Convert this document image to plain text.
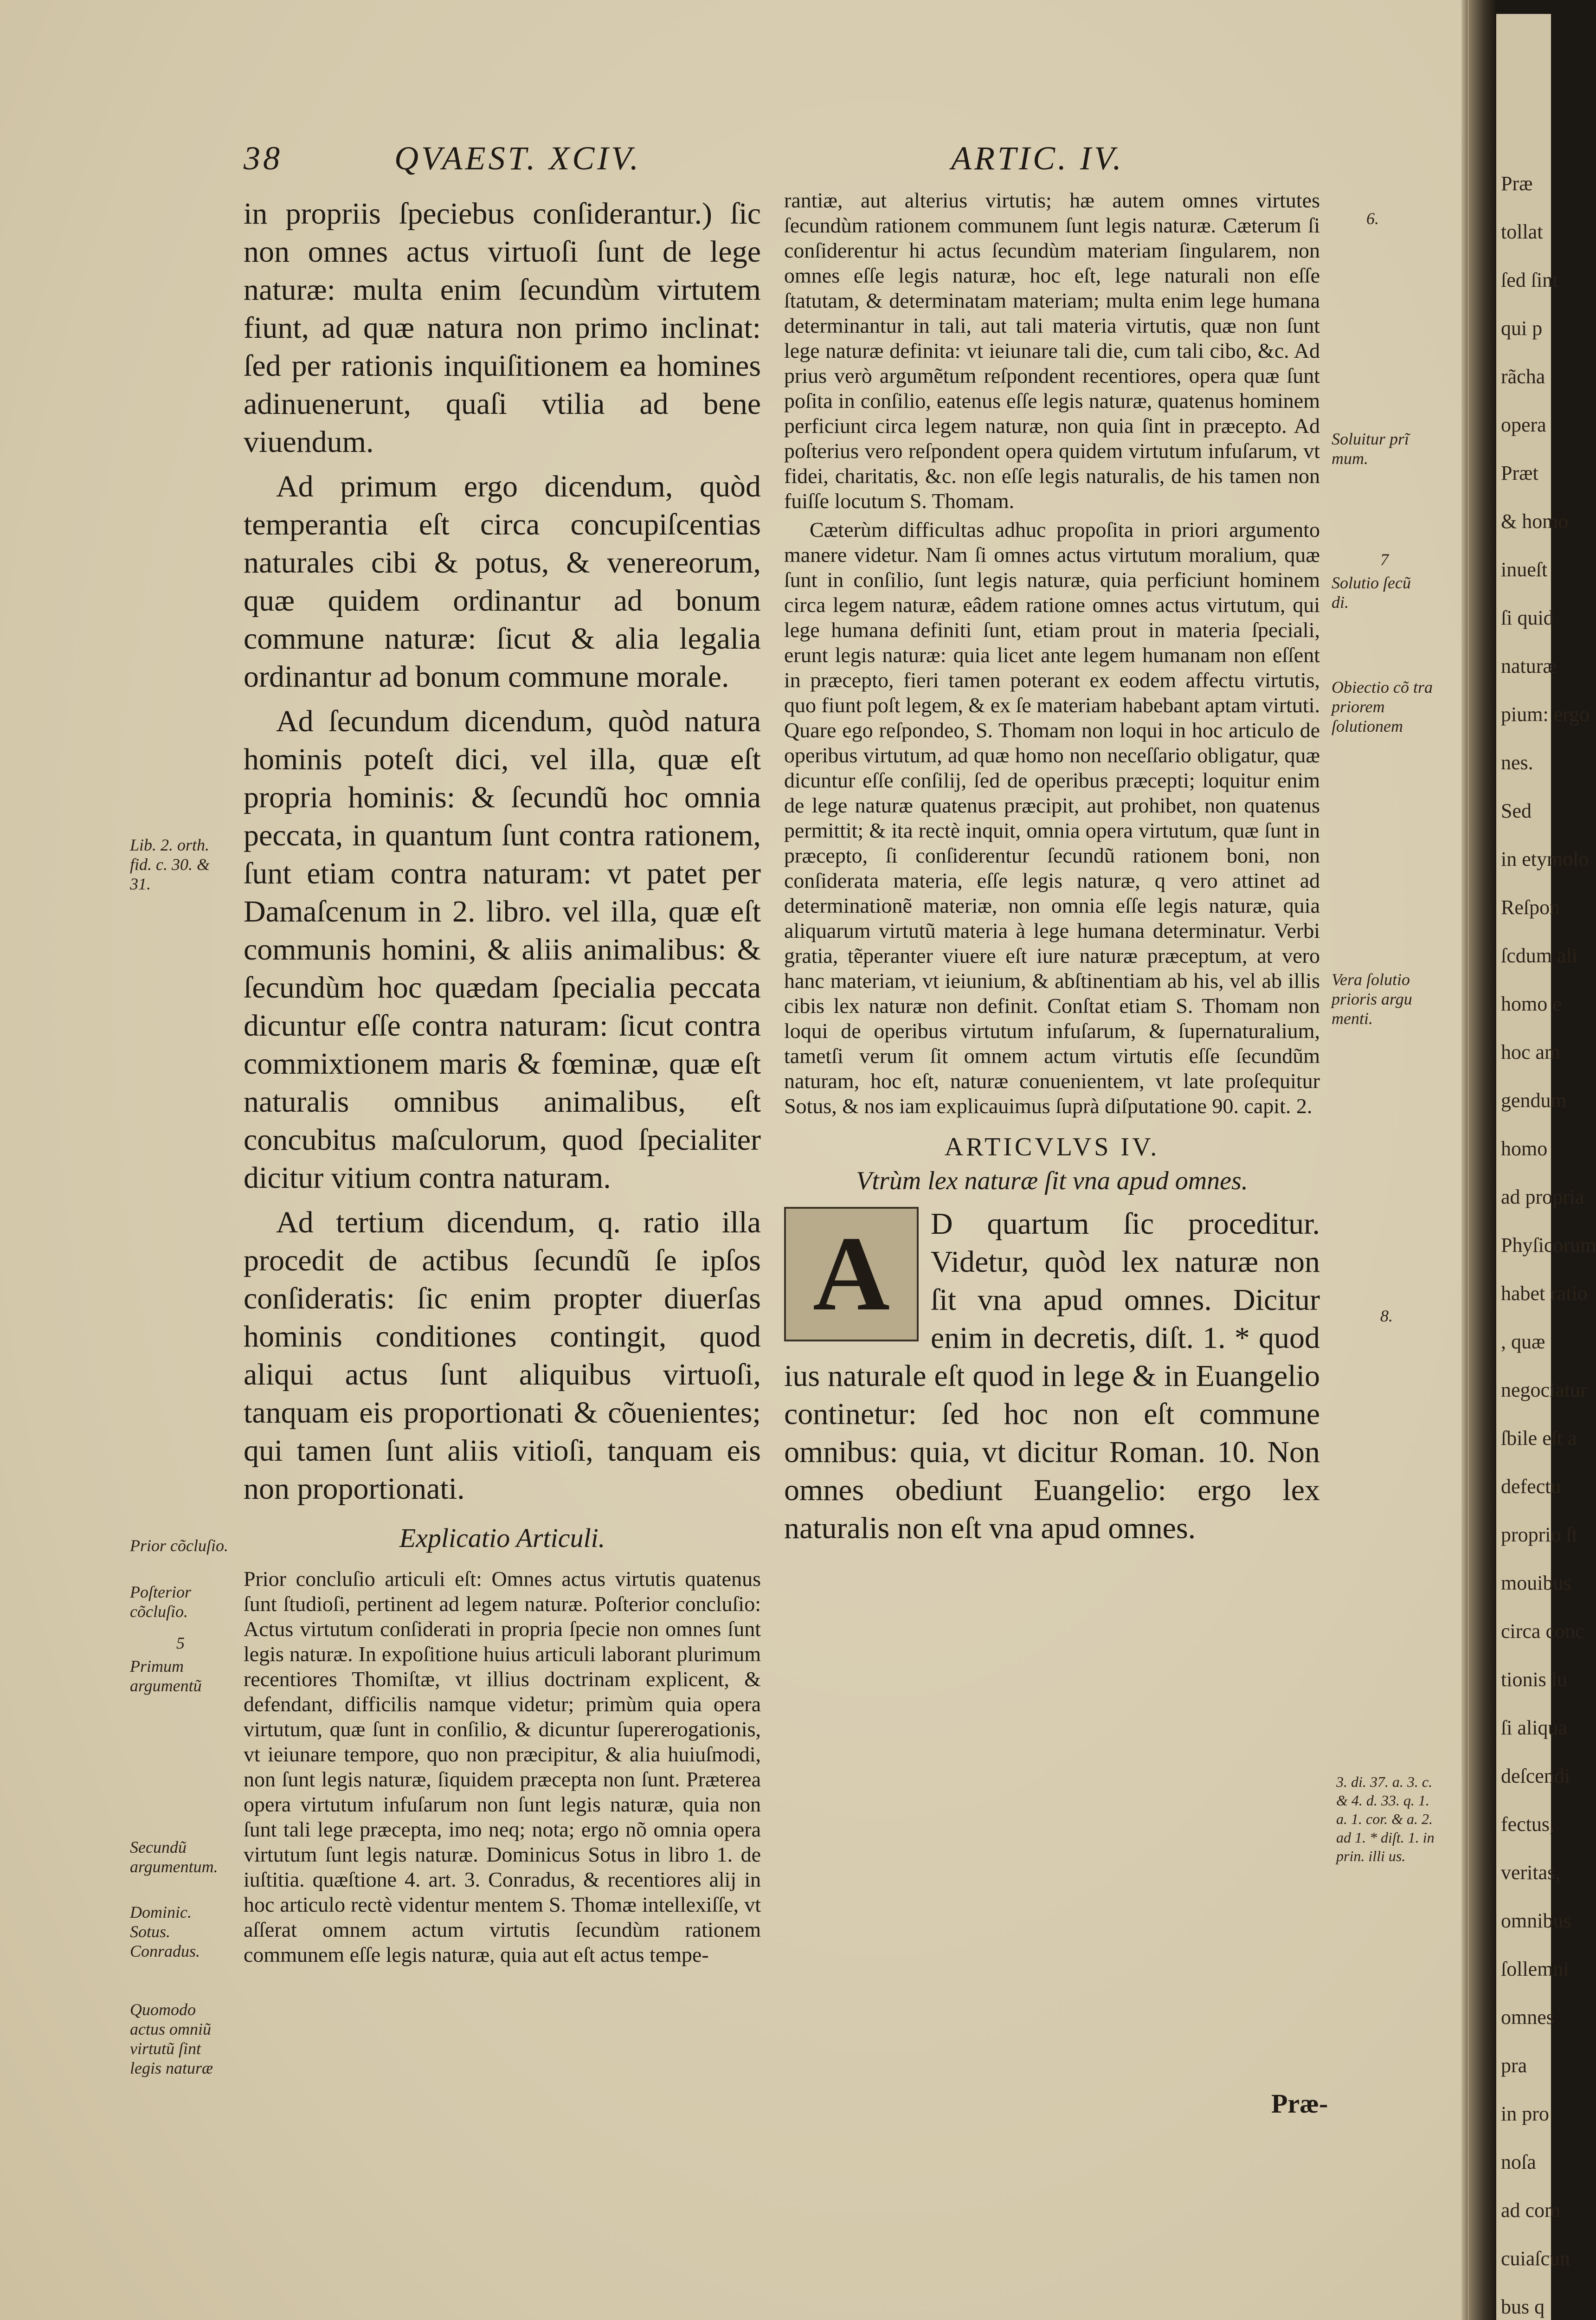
38	QVAEST. XCIV.	ARTIC. IV.

in propriis ſpeciebus conſiderantur.) ſic non omnes actus virtuoſi ſunt de lege naturæ: multa enim ſecundùm virtutem fiunt, ad quæ natura non primo inclinat: ſed per rationis inquiſitionem ea homines adinuenerunt, quaſi vtilia ad bene viuendum.

Ad primum ergo dicendum, quòd temperantia eſt circa concupiſcentias naturales cibi & potus, & venereorum, quæ quidem ordinantur ad bonum commune naturæ: ſicut & alia legalia ordinantur ad bonum commune morale.

Ad ſecundum dicendum, quòd natura hominis poteſt dici, vel illa, quæ eſt propria hominis: & ſecundũ hoc omnia peccata, in quantum ſunt contra rationem, ſunt etiam contra naturam: vt patet per Damaſcenum in 2. libro. vel illa, quæ eſt communis homini, & aliis animalibus: & ſecundùm hoc quædam ſpecialia peccata dicuntur eſſe contra naturam: ſicut contra commixtionem maris & fœminæ, quæ eſt naturalis omnibus animalibus, eſt concubitus maſculorum, quod ſpecialiter dicitur vitium contra naturam.

Ad tertium dicendum, q. ratio illa procedit de actibus ſecundũ ſe ipſos conſideratis: ſic enim propter diuerſas hominis conditiones contingit, quod aliqui actus ſunt aliquibus virtuoſi, tanquam eis proportionati & cõuenientes; qui tamen ſunt aliis vitioſi, tanquam eis non proportionati.

Explicatio Articuli.

Prior concluſio articuli eſt: Omnes actus virtutis quatenus ſunt ſtudioſi, pertinent ad legem naturæ. Poſterior concluſio: Actus virtutum conſiderati in propria ſpecie non omnes ſunt legis naturæ. In expoſitione huius articuli laborant plurimum recentiores Thomiſtæ, vt illius doctrinam explicent, & defendant, difficilis namque videtur; primùm quia opera virtutum, quæ ſunt in conſilio, & dicuntur ſupererogationis, vt ieiunare tempore, quo non præcipitur, & alia huiuſmodi, non ſunt legis naturæ, ſiquidem præcepta non ſunt. Præterea opera virtutum infuſarum non ſunt legis naturæ, quia non ſunt tali lege præcepta, imo neq; nota; ergo nõ omnia opera virtutum ſunt legis naturæ. Dominicus Sotus in libro 1. de iuſtitia. quæſtione 4. art. 3. Conradus, & recentiores alij in hoc articulo rectè videntur mentem S. Thomæ intellexiſſe, vt aſſerat omnem actum virtutis ſecundùm rationem communem eſſe legis naturæ, quia aut eſt actus tempe-

Lib. 2. orth. fid. c. 30. & 31.
Prior cõcluſio.
Poſterior cõcluſio.
5
Primum argumentũ
Secundũ argumentum.
Dominic. Sotus. Conradus.
Quomodo actus omniũ virtutũ ſint legis naturæ

rantiæ, aut alterius virtutis; hæ autem omnes virtutes ſecundùm rationem communem ſunt legis naturæ. Cæterum ſi conſiderentur hi actus ſecundùm materiam ſingularem, non omnes eſſe legis naturæ, hoc eſt, lege naturali non eſſe ſtatutam, & determinatam materiam; multa enim lege humana determinantur in tali, aut tali materia virtutis, quæ non ſunt lege naturæ definita: vt ieiunare tali die, cum tali cibo, &c. Ad prius verò argumẽtum reſpondent recentiores, opera quæ ſunt poſita in conſilio, eatenus eſſe legis naturæ, quatenus hominem perficiunt circa legem naturæ, non quia ſint in præcepto. Ad poſterius vero reſpondent opera quidem virtutum infuſarum, vt fidei, charitatis, &c. non eſſe legis naturalis, de his tamen non fuiſſe locutum S. Thomam.

Cæterùm difficultas adhuc propoſita in priori argumento manere videtur. Nam ſi omnes actus virtutum moralium, quæ ſunt in conſilio, ſunt legis naturæ, quia perficiunt hominem circa legem naturæ, eâdem ratione omnes actus virtutum, qui lege humana definiti ſunt, etiam prout in materia ſpeciali, erunt legis naturæ: quia licet ante legem humanam non eſſent in præcepto, fieri tamen poterant ex eodem affectu virtutis, quo fiunt poſt legem, & ex ſe materiam habebant aptam virtuti. Quare ego reſpondeo, S. Thomam non loqui in hoc articulo de operibus virtutum, ad quæ homo non neceſſario obligatur, quæ dicuntur eſſe conſilij, ſed de operibus præcepti; loquitur enim de lege naturæ quatenus præcipit, aut prohibet, non quatenus permittit; & ita rectè inquit, omnia opera virtutum, quæ ſunt in præcepto, ſi conſiderentur ſecundũ rationem boni, non conſiderata materia, eſſe legis naturæ, q vero attinet ad determinationẽ materiæ, non omnia eſſe legis naturæ, quia aliquarum virtutũ materia à lege humana determinatur. Verbi gratia, tẽperanter viuere eſt iure naturæ præceptum, at vero hanc materiam, vt ieiunium, & abſtinentiam ab his, vel ab illis cibis lex naturæ non definit. Conſtat etiam S. Thomam non loqui de operibus virtutum infuſarum, & ſupernaturalium, tametſi verum ſit omnem actum virtutis eſſe ſecundũm naturam, hoc eſt, naturæ conuenientem, vt late proſequitur Sotus, & nos iam explicauimus ſuprà diſputatione 90. capit. 2.

ARTICVLVS IV.
Vtrùm lex naturæ ſit vna apud omnes.
A	D quartum ſic proceditur. Videtur, quòd lex naturæ non ſit vna apud omnes. Dicitur enim in decretis, diſt. 1. * quod ius naturale eſt quod in lege & in Euangelio continetur: ſed hoc non eſt commune omnibus: quia, vt dicitur Roman. 10. Non omnes obediunt Euangelio: ergo lex naturalis non eſt vna apud omnes.

6.
Soluitur prĩ mum.
7
Solutio ſecũ di.
Obiectio cõ tra priorem ſolutionem
Vera ſolutio prioris argu menti.
8.
3. di. 37. a. 3. c. & 4. d. 33. q. 1. a. 1. cor. & a. 2. ad 1. * diſt. 1. in prin. illi us.
Præ-
Præ
tollat
ſed ſint
qui p
rãcha
opera
Præt
& homo
inueſt
ſi quid
naturæ
pium: ergo
nes.
Sed
in etymolo
Reſpon
ſcdum ali
homo e
hoc am
gendum
homo
ad propria
Phyſicorum
habet ratio
, quæ
negociatur
ſbile eſt a
defectu
proprio ſt
mouibus
circa conc
tionis lu
ſi aliqua
deſcendi
fectus,
veritas,
omnibus
ſollemni
omnes
pra
in pro
noſa
ad com
cuiaſcun
bus q
